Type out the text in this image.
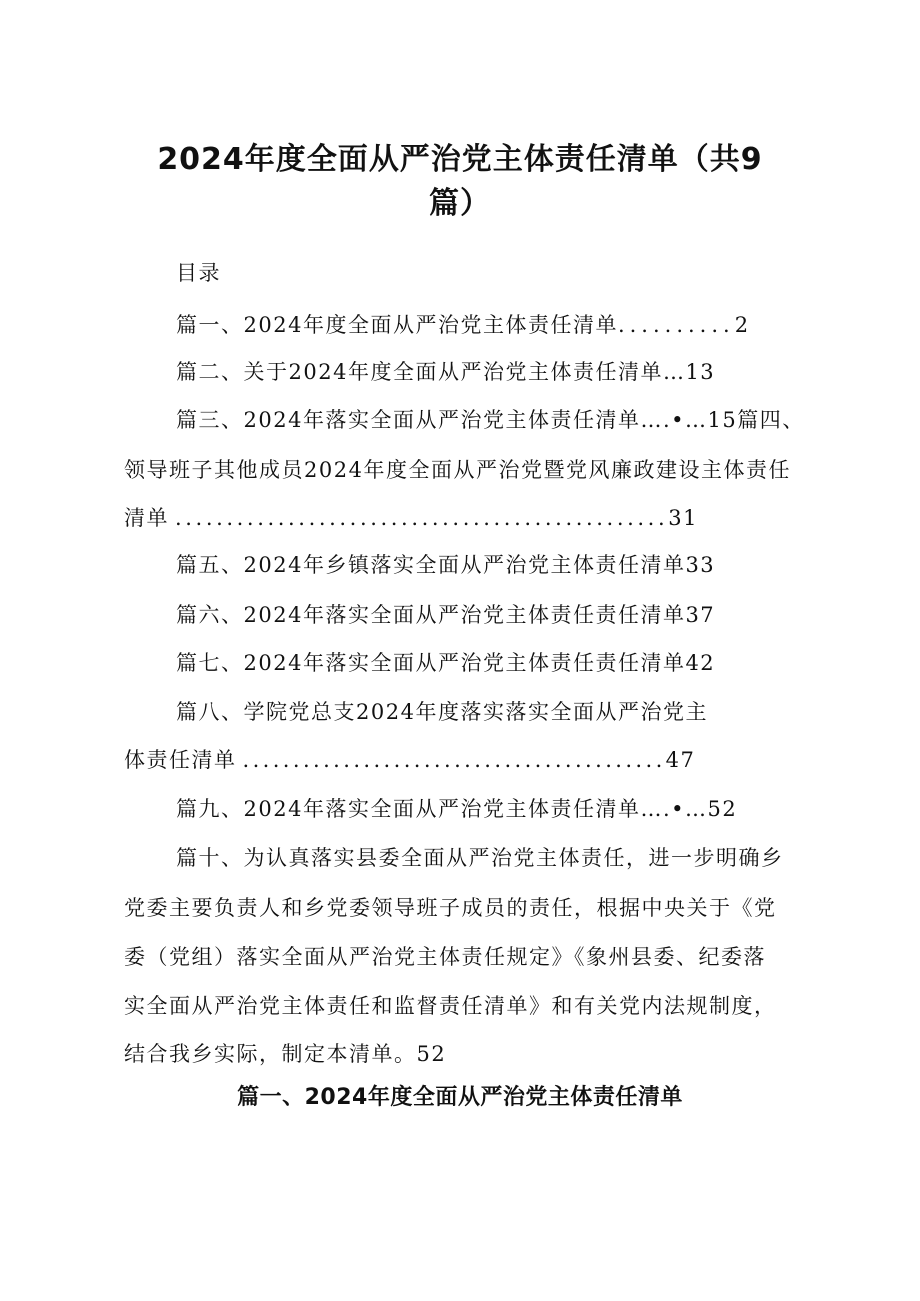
2024年度全面从严治党主体责任清单（共9
篇）
目录
篇一、2024年度全面从严治党主体责任清单..........2
篇二、关于2024年度全面从严治党主体责任清单…13
篇三、2024年落实全面从严治党主体责任清单….•…15篇四、
领导班子其他成员2024年度全面从严治党暨党风廉政建设主体责任
清单 ................................................31
篇五、2024年乡镇落实全面从严治党主体责任清单33
篇六、2024年落实全面从严治党主体责任责任清单37
篇七、2024年落实全面从严治党主体责任责任清单42
篇八、学院党总支2024年度落实落实全面从严治党主
体责任清单 ..........................................47
篇九、2024年落实全面从严治党主体责任清单….•…52
篇十、为认真落实县委全面从严治党主体责任，进一步明确乡
党委主要负责人和乡党委领导班子成员的责任，根据中央关于《党
委（党组）落实全面从严治党主体责任规定》《象州县委、纪委落
实全面从严治党主体责任和监督责任清单》和有关党内法规制度，
结合我乡实际，制定本清单。52
篇一、2024年度全面从严治党主体责任清单
